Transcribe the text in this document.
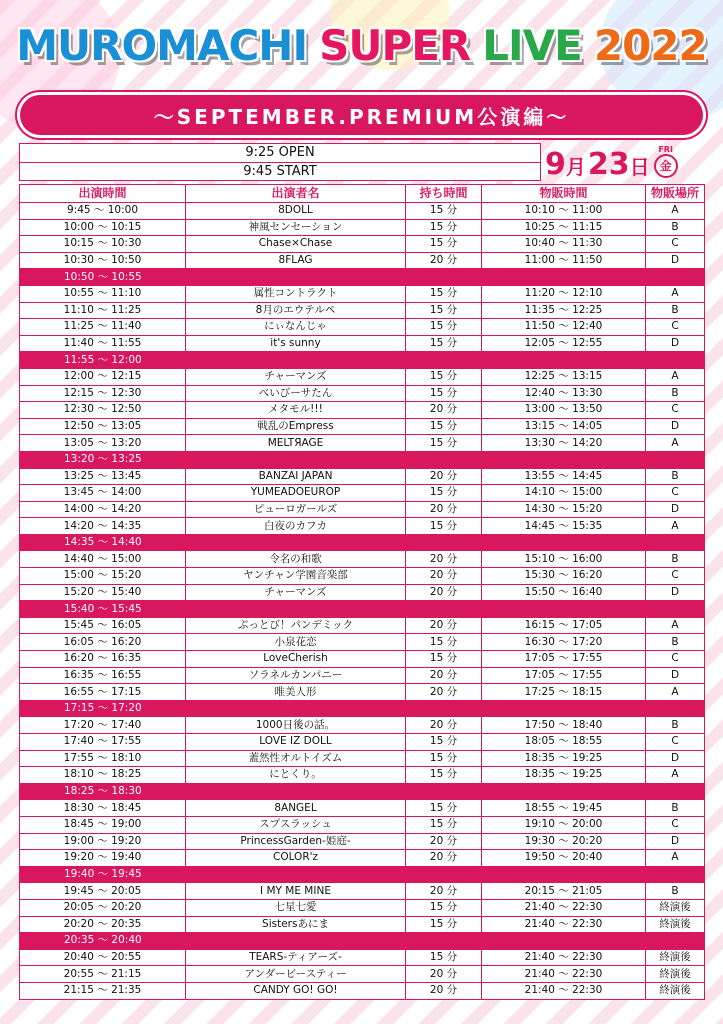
MUROMACHI SUPER LIVE 2022
〜SEPTEMBER.PREMIUM公演編〜
9:25 OPEN
9:45 START	9 月 23 日
FRI
金
出演時間	出演者名	持ち時間	物販時間	物販場所
9:45 〜 10:00	8DOLL	15 分	10:10 〜 11:00	A
10:00 〜 10:15	神風センセーション	15 分	10:25 〜 11:15	B
10:15 〜 10:30	Chase×Chase	15 分	10:40 〜 11:30	C
10:30 〜 10:50	8FLAG	20 分	11:00 〜 11:50	D
10:50 〜 10:55				
10:55 〜 11:10	属性コントラクト	15 分	11:20 〜 12:10	A
11:10 〜 11:25	8月のエウテルペ	15 分	11:35 〜 12:25	B
11:25 〜 11:40	にぃなんじゃ	15 分	11:50 〜 12:40	C
11:40 〜 11:55	it's sunny	15 分	12:05 〜 12:55	D
11:55 〜 12:00				
12:00 〜 12:15	チャーマンズ	15 分	12:25 〜 13:15	A
12:15 〜 12:30	べいびーサたん	15 分	12:40 〜 13:30	B
12:30 〜 12:50	メタモル!!!	20 分	13:00 〜 13:50	C
12:50 〜 13:05	戦乱のEmpress	15 分	13:15 〜 14:05	D
13:05 〜 13:20	MELTЯAGE	15 分	13:30 〜 14:20	A
13:20 〜 13:25				
13:25 〜 13:45	BANZAI JAPAN	20 分	13:55 〜 14:45	B
13:45 〜 14:00	YUMEADOEUROP	15 分	14:10 〜 15:00	C
14:00 〜 14:20	ピューロガールズ	20 分	14:30 〜 15:20	D
14:20 〜 14:35	白夜のカフカ	15 分	14:45 〜 15:35	A
14:35 〜 14:40				
14:40 〜 15:00	令名の和歌	20 分	15:10 〜 16:00	B
15:00 〜 15:20	ヤンチャン学園音楽部	20 分	15:30 〜 16:20	C
15:20 〜 15:40	チャーマンズ	20 分	15:50 〜 16:40	D
15:40 〜 15:45				
15:45 〜 16:05	ぶっとび！パンデミック	20 分	16:15 〜 17:05	A
16:05 〜 16:20	小泉花恋	15 分	16:30 〜 17:20	B
16:20 〜 16:35	LoveCherish	15 分	17:05 〜 17:55	C
16:35 〜 16:55	ソラネルカンパニー	20 分	17:05 〜 17:55	D
16:55 〜 17:15	唯美人形	20 分	17:25 〜 18:15	A
17:15 〜 17:20				
17:20 〜 17:40	1000日後の話。	20 分	17:50 〜 18:40	B
17:40 〜 17:55	LOVE IZ DOLL	15 分	18:05 〜 18:55	C
17:55 〜 18:10	蓋然性オルトイズム	15 分	18:35 〜 19:25	D
18:10 〜 18:25	にとくり。	15 分	18:35 〜 19:25	A
18:25 〜 18:30				
18:30 〜 18:45	8ANGEL	15 分	18:55 〜 19:45	B
18:45 〜 19:00	スプスラッシュ	15 分	19:10 〜 20:00	C
19:00 〜 19:20	PrincessGarden-姫庭-	20 分	19:30 〜 20:20	D
19:20 〜 19:40	COLOR'z	20 分	19:50 〜 20:40	A
19:40 〜 19:45				
19:45 〜 20:05	I MY ME MINE	20 分	20:15 〜 21:05	B
20:05 〜 20:20	七星七愛	15 分	21:40 〜 22:30	終演後
20:20 〜 20:35	Sistersあにま	15 分	21:40 〜 22:30	終演後
20:35 〜 20:40				
20:40 〜 20:55	TEARS-ティアーズ-	15 分	21:40 〜 22:30	終演後
20:55 〜 21:15	アンダービースティー	20 分	21:40 〜 22:30	終演後
21:15 〜 21:35	CANDY GO! GO!	20 分	21:40 〜 22:30	終演後
